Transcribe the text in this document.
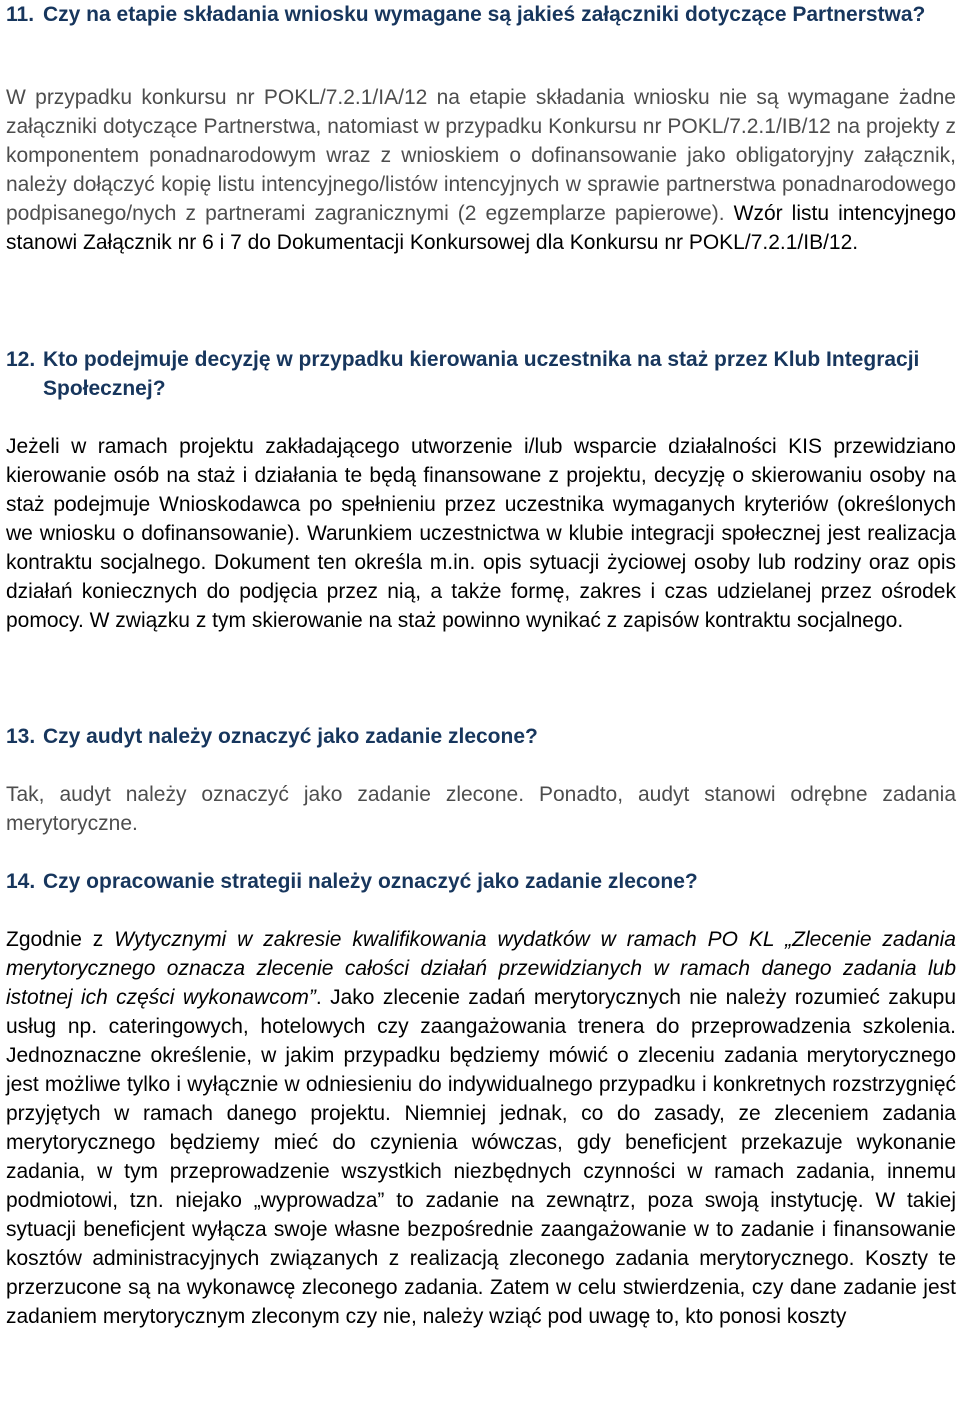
11. Czy na etapie składania wniosku wymagane są jakieś załączniki dotyczące Partnerstwa?

W przypadku konkursu nr POKL/7.2.1/IA/12 na etapie składania wniosku nie są wymagane żadne załączniki dotyczące Partnerstwa, natomiast w przypadku Konkursu nr POKL/7.2.1/IB/12 na projekty z komponentem ponadnarodowym wraz z wnioskiem o dofinansowanie jako obligatoryjny załącznik, należy dołączyć kopię listu intencyjnego/listów intencyjnych w sprawie partnerstwa ponadnarodowego podpisanego/nych z partnerami zagranicznymi (2 egzemplarze papierowe). Wzór listu intencyjnego stanowi Załącznik nr 6 i 7 do Dokumentacji Konkursowej dla Konkursu nr POKL/7.2.1/IB/12.

12. Kto podejmuje decyzję w przypadku kierowania uczestnika na staż przez Klub Integracji Społecznej?

Jeżeli w ramach projektu zakładającego utworzenie i/lub wsparcie działalności KIS przewidziano kierowanie osób na staż i działania te będą finansowane z projektu, decyzję o skierowaniu osoby na staż podejmuje Wnioskodawca po spełnieniu przez uczestnika wymaganych kryteriów (określonych we wniosku o dofinansowanie). Warunkiem uczestnictwa w klubie integracji społecznej jest realizacja kontraktu socjalnego. Dokument ten określa m.in. opis sytuacji życiowej osoby lub rodziny oraz opis działań koniecznych do podjęcia przez nią, a także formę, zakres i czas udzielanej przez ośrodek pomocy. W związku z tym skierowanie na staż powinno wynikać z zapisów kontraktu socjalnego.

13. Czy audyt należy oznaczyć jako zadanie zlecone?

Tak, audyt należy oznaczyć jako zadanie zlecone. Ponadto, audyt stanowi odrębne zadania merytoryczne.

14. Czy opracowanie strategii należy oznaczyć jako zadanie zlecone?

Zgodnie z Wytycznymi w zakresie kwalifikowania wydatków w ramach PO KL „Zlecenie zadania merytorycznego oznacza zlecenie całości działań przewidzianych w ramach danego zadania lub istotnej ich części wykonawcom”. Jako zlecenie zadań merytorycznych nie należy rozumieć zakupu usług np. cateringowych, hotelowych czy zaangażowania trenera do przeprowadzenia szkolenia. Jednoznaczne określenie, w jakim przypadku będziemy mówić o zleceniu zadania merytorycznego jest możliwe tylko i wyłącznie w odniesieniu do indywidualnego przypadku i konkretnych rozstrzygnięć przyjętych w ramach danego projektu. Niemniej jednak, co do zasady, ze zleceniem zadania merytorycznego będziemy mieć do czynienia wówczas, gdy beneficjent przekazuje wykonanie zadania, w tym przeprowadzenie wszystkich niezbędnych czynności w ramach zadania, innemu podmiotowi, tzn. niejako „wyprowadza” to zadanie na zewnątrz, poza swoją instytucję. W takiej sytuacji beneficjent wyłącza swoje własne bezpośrednie zaangażowanie w to zadanie i finansowanie kosztów administracyjnych związanych z realizacją zleconego zadania merytorycznego. Koszty te przerzucone są na wykonawcę zleconego zadania. Zatem w celu stwierdzenia, czy dane zadanie jest zadaniem merytorycznym zleconym czy nie, należy wziąć pod uwagę to, kto ponosi koszty
